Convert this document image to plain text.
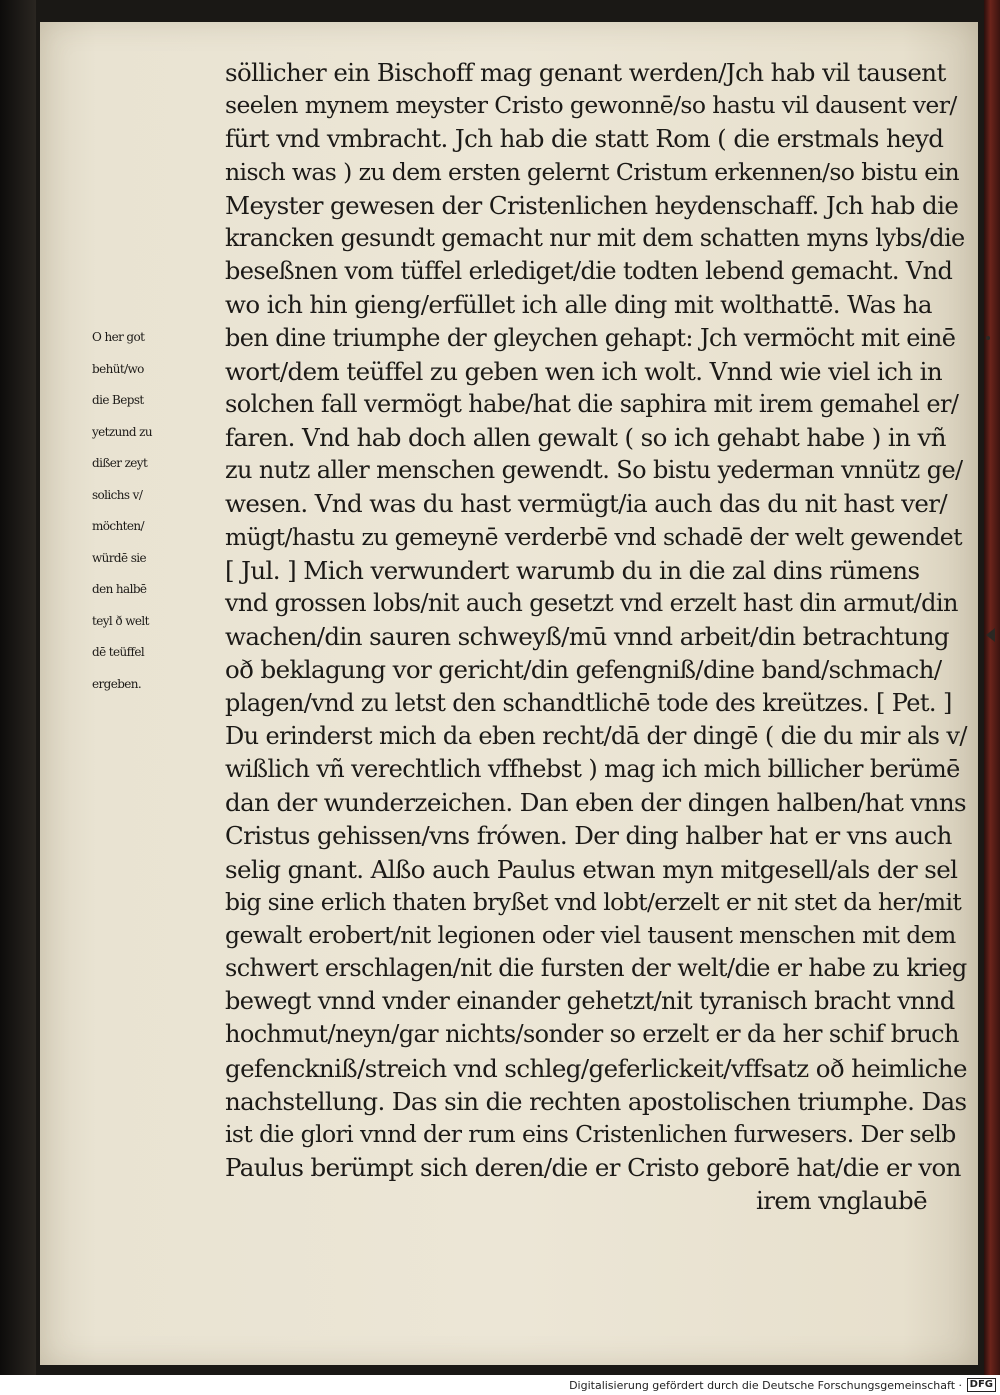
O her got
behüt/wo
die Bepst
yetzund zu
dißer zeyt
solichs v/
möchten/
würdē sie
den halbē
teyl ð welt
dē teüffel
ergeben.
söllicher ein Bischoff mag genant werden/Jch hab vil tausent
seelen mynem meyster Cristo gewonnē/so hastu vil dausent ver/
fürt vnd vmbracht. Jch hab die statt Rom ( die erstmals heyd
nisch was ) zu dem ersten gelernt Cristum erkennen/so bistu ein
Meyster gewesen der Cristenlichen heydenschaff. Jch hab die
krancken gesundt gemacht nur mit dem schatten myns lybs/die
beseßnen vom tüffel erlediget/die todten lebend gemacht. Vnd
wo ich hin gieng/erfüllet ich alle ding mit wolthattē. Was ha
ben dine triumphe der gleychen gehapt: Jch vermöcht mit einē
wort/dem teüffel zu geben wen ich wolt. Vnnd wie viel ich in
solchen fall vermögt habe/hat die saphira mit irem gemahel er/
faren. Vnd hab doch allen gewalt ( so ich gehabt habe ) in vñ
zu nutz aller menschen gewendt. So bistu yederman vnnütz ge/
wesen. Vnd was du hast vermügt/ia auch das du nit hast ver/
mügt/hastu zu gemeynē verderbē vnd schadē der welt gewendet
[ Jul. ] Mich verwundert warumb du in die zal dins rümens
vnd grossen lobs/nit auch gesetzt vnd erzelt hast din armut/din
wachen/din sauren schweyß/mū vnnd arbeit/din betrachtung
oð beklagung vor gericht/din gefengniß/dine band/schmach/
plagen/vnd zu letst den schandtlichē tode des kreützes. [ Pet. ]
Du erinderst mich da eben recht/dā der dingē ( die du mir als v/
wißlich vñ verechtlich vffhebst ) mag ich mich billicher berümē
dan der wunderzeichen. Dan eben der dingen halben/hat vnns
Cristus gehissen/vns frówen. Der ding halber hat er vns auch
selig gnant. Alßo auch Paulus etwan myn mitgesell/als der sel
big sine erlich thaten bryßet vnd lobt/erzelt er nit stet da her/mit
gewalt erobert/nit legionen oder viel tausent menschen mit dem
schwert erschlagen/nit die fursten der welt/die er habe zu krieg
bewegt vnnd vnder einander gehetzt/nit tyranisch bracht vnnd
hochmut/neyn/gar nichts/sonder so erzelt er da her schif bruch
gefenckniß/streich vnd schleg/geferlickeit/vffsatz oð heimliche
nachstellung. Das sin die rechten apostolischen triumphe. Das
ist die glori vnnd der rum eins Cristenlichen furwesers. Der selb
Paulus berümpt sich deren/die er Cristo geborē hat/die er von
irem vnglaubē
Digitalisierung gefördert durch die Deutsche Forschungsgemeinschaft · DFG
